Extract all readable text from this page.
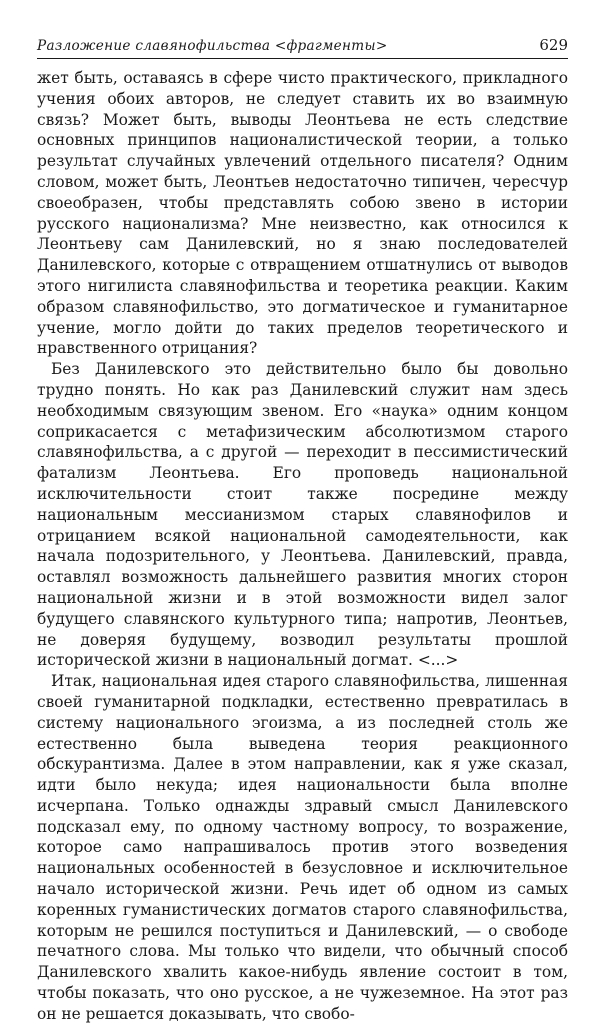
Разложение славянофильства <фрагменты>	629

жет быть, оставаясь в сфере чисто практического, прикладного учения обоих авторов, не следует ставить их во взаимную связь? Может быть, выводы Леонтьева не есть следствие основных принципов националистической теории, а только результат случайных увлечений отдельного писателя? Одним словом, может быть, Леонтьев недостаточно типичен, чересчур своеобразен, чтобы представлять собою звено в истории русского национализма? Мне неизвестно, как относился к Леонтьеву сам Данилевский, но я знаю последователей Данилевского, которые с отвращением отшатнулись от выводов этого нигилиста славянофильства и теоретика реакции. Каким образом славянофильство, это догматическое и гуманитарное учение, могло дойти до таких пределов теоретического и нравственного отрицания?

Без Данилевского это действительно было бы довольно трудно понять. Но как раз Данилевский служит нам здесь необходимым связующим звеном. Его «наука» одним концом соприкасается с метафизическим абсолютизмом старого славянофильства, а с другой — переходит в пессимистический фатализм Леонтьева. Его проповедь национальной исключительности стоит также посредине между национальным мессианизмом старых славянофилов и отрицанием всякой национальной самодеятельности, как начала подозрительного, у Леонтьева. Данилевский, правда, оставлял возможность дальнейшего развития многих сторон национальной жизни и в этой возможности видел залог будущего славянского культурного типа; напротив, Леонтьев, не доверяя будущему, возводил результаты прошлой исторической жизни в национальный догмат. <...>

Итак, национальная идея старого славянофильства, лишенная своей гуманитарной подкладки, естественно превратилась в систему национального эгоизма, а из последней столь же естественно была выведена теория реакционного обскурантизма. Далее в этом направлении, как я уже сказал, идти было некуда; идея национальности была вполне исчерпана. Только однажды здравый смысл Данилевского подсказал ему, по одному частному вопросу, то возражение, которое само напрашивалось против этого возведения национальных особенностей в безусловное и исключительное начало исторической жизни. Речь идет об одном из самых коренных гуманистических догматов старого славянофильства, которым не решился поступиться и Данилевский, — о свободе печатного слова. Мы только что видели, что обычный способ Данилевского хвалить какое-нибудь явление состоит в том, чтобы показать, что оно русское, а не чужеземное. На этот раз он не решается доказывать, что свобо-
